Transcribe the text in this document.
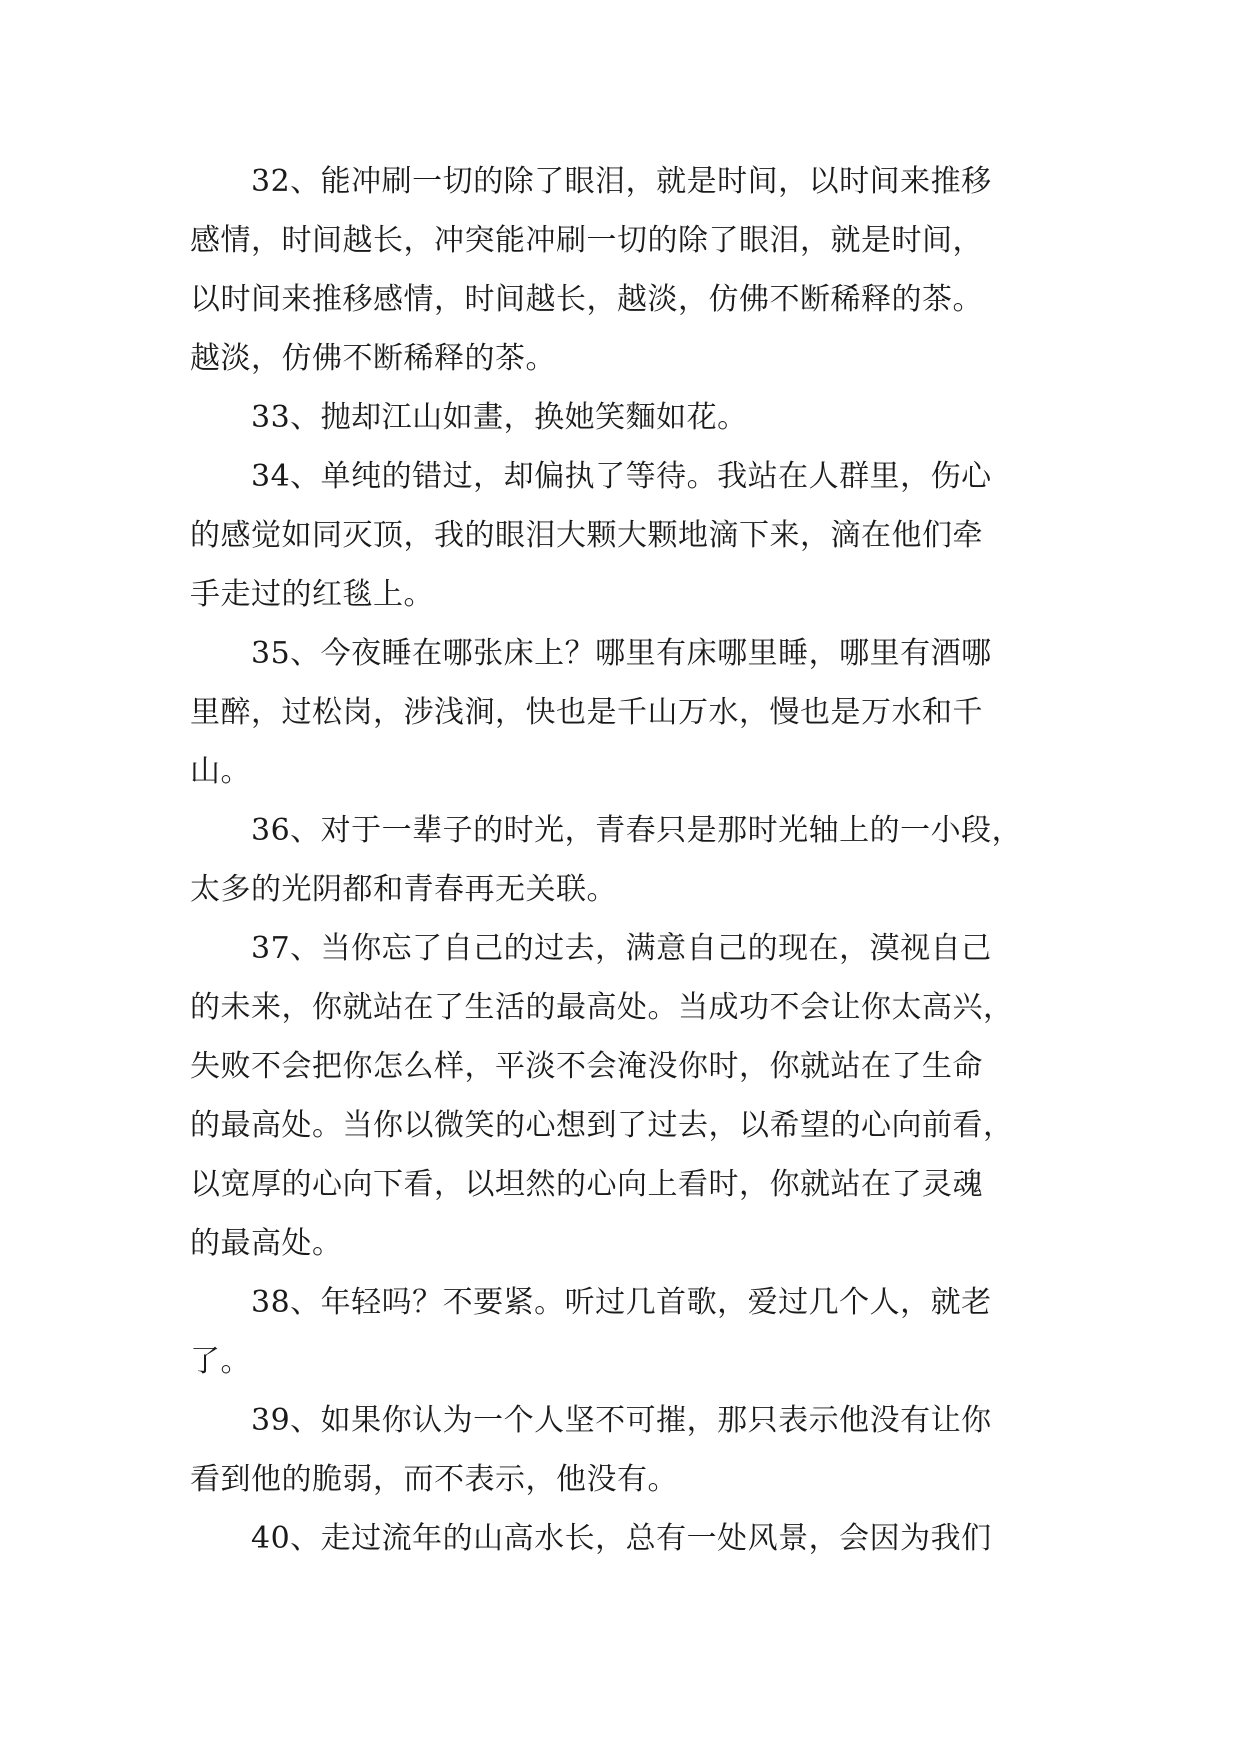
　　32、能冲刷一切的除了眼泪，就是时间，以时间来推移
感情，时间越长，冲突能冲刷一切的除了眼泪，就是时间，
以时间来推移感情，时间越长，越淡，仿佛不断稀释的茶。
越淡，仿佛不断稀释的茶。
　　33、抛却江山如畫，换她笑麵如花。
　　34、单纯的错过，却偏执了等待。我站在人群里，伤心
的感觉如同灭顶，我的眼泪大颗大颗地滴下来，滴在他们牵
手走过的红毯上。
　　35、今夜睡在哪张床上？哪里有床哪里睡，哪里有酒哪
里醉，过松岗，涉浅涧，快也是千山万水，慢也是万水和千
山。
　　36、对于一辈子的时光，青春只是那时光轴上的一小段，
太多的光阴都和青春再无关联。
　　37、当你忘了自己的过去，满意自己的现在，漠视自己
的未来，你就站在了生活的最高处。当成功不会让你太高兴，
失败不会把你怎么样，平淡不会淹没你时，你就站在了生命
的最高处。当你以微笑的心想到了过去，以希望的心向前看，
以宽厚的心向下看，以坦然的心向上看时，你就站在了灵魂
的最高处。
　　38、年轻吗？不要紧。听过几首歌，爱过几个人，就老
了。
　　39、如果你认为一个人坚不可摧，那只表示他没有让你
看到他的脆弱，而不表示，他没有。
　　40、走过流年的山高水长，总有一处风景，会因为我们
